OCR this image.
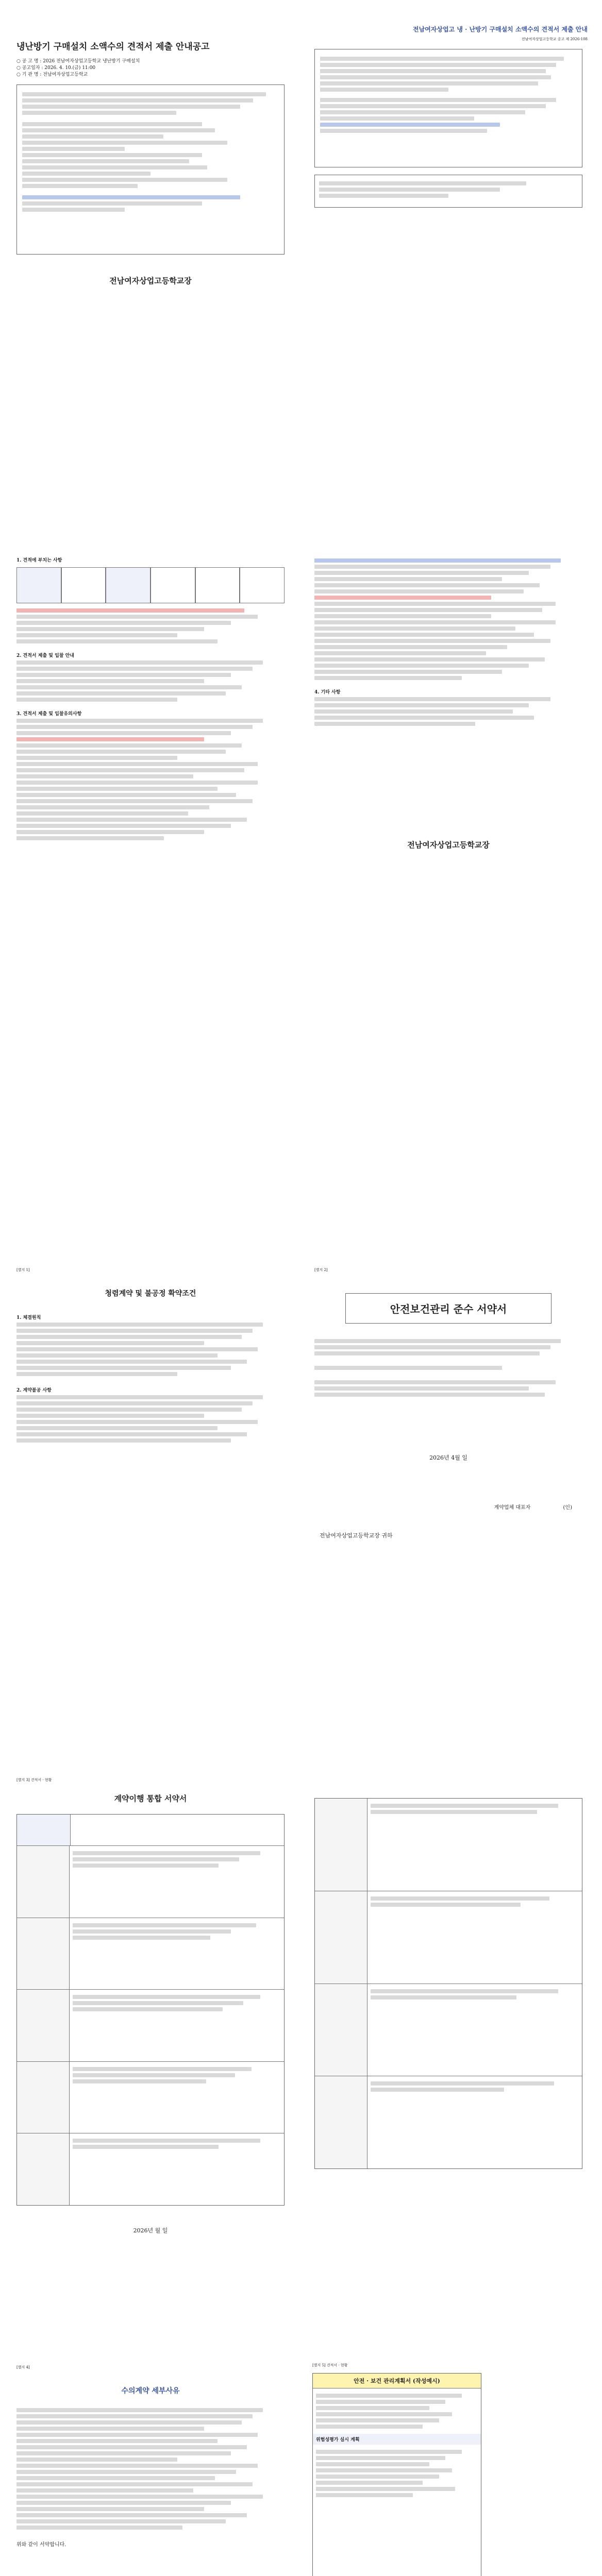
냉난방기 구매설치 소액수의 견적서 제출 안내공고
○ 공 고 명 : 2026 전남여자상업고등학교 냉난방기 구매설치
○ 공고일자 : 2026. 4. 10.(금) 11:00
○ 기 관 명 : 전남여자상업고등학교
전남여자상업고등학교장
전남여자상업고 냉 · 난방기 구매설치 소액수의 견적서 제출 안내
전남여자상업고등학교 공고 제 2026-108
1. 견적에 부치는 사항
2. 견적서 제출 및 입찰 안내
3. 견적서 제출 및 입찰유의사항
4. 기타 사항
전남여자상업고등학교장
[별지 1]
청렴계약 및 불공정 확약조건
1. 체결원칙
2. 계약불공 사항
[별지 2]
안전보건관리 준수 서약서
2026년 4월 일
계약업체 대표자	(인)
전남여자상업고등학교장 귀하
[별지 3] 견적서 · 현황
계약이행 통합 서약서
2026년 월 일
[별지 4]
수의계약 세부사유
위와 같이 서약합니다.
[별지 5] 견적서 · 현황
안전 · 보건 관리계획서 (작성예시)
위험성평가 실시 계획
